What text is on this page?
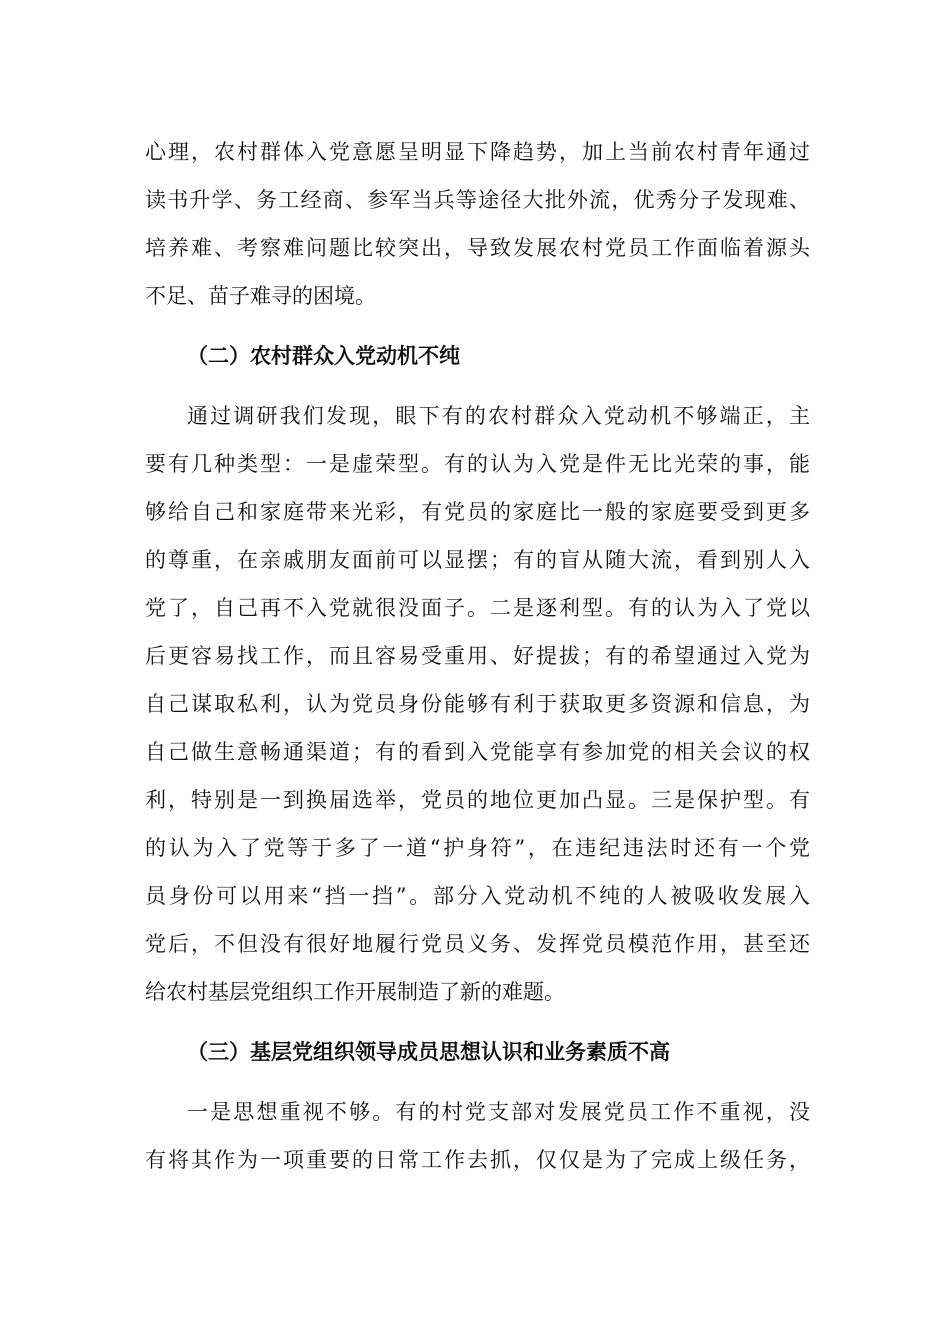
心理，农村群体入党意愿呈明显下降趋势，加上当前农村青年通过
读书升学、务工经商、参军当兵等途径大批外流，优秀分子发现难、
培养难、考察难问题比较突出，导致发展农村党员工作面临着源头
不足、苗子难寻的困境。
（二）农村群众入党动机不纯
通过调研我们发现，眼下有的农村群众入党动机不够端正，主
要有几种类型：一是虚荣型。有的认为入党是件无比光荣的事，能
够给自己和家庭带来光彩，有党员的家庭比一般的家庭要受到更多
的尊重，在亲戚朋友面前可以显摆；有的盲从随大流，看到别人入
党了，自己再不入党就很没面子。二是逐利型。有的认为入了党以
后更容易找工作，而且容易受重用、好提拔；有的希望通过入党为
自己谋取私利，认为党员身份能够有利于获取更多资源和信息，为
自己做生意畅通渠道；有的看到入党能享有参加党的相关会议的权
利，特别是一到换届选举，党员的地位更加凸显。三是保护型。有
的认为入了党等于多了一道“护身符”，在违纪违法时还有一个党
员身份可以用来“挡一挡”。部分入党动机不纯的人被吸收发展入
党后，不但没有很好地履行党员义务、发挥党员模范作用，甚至还
给农村基层党组织工作开展制造了新的难题。
（三）基层党组织领导成员思想认识和业务素质不高
一是思想重视不够。有的村党支部对发展党员工作不重视，没
有将其作为一项重要的日常工作去抓，仅仅是为了完成上级任务，
